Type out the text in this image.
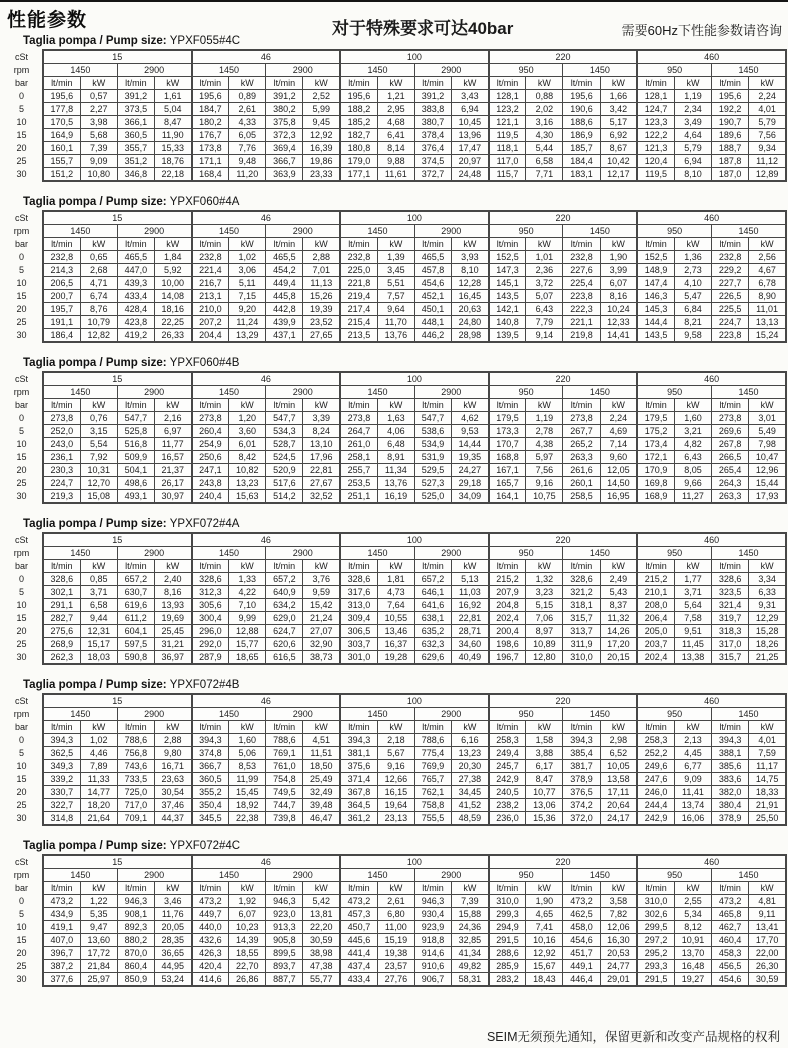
性能参数	对于特殊要求可达40bar	需要60Hz下性能参数请咨询
Taglia pompa / Pump size: YPXF055#4C
cSt	15				46				100				220				460			
rpm	1450		2900		1450		2900		1450		2900		950		1450		950		1450	
bar	lt/min	kW	lt/min	kW	lt/min	kW	lt/min	kW	lt/min	kW	lt/min	kW	lt/min	kW	lt/min	kW	lt/min	kW	lt/min	kW
0	195,6	0,57	391,2	1,61	195,6	0,89	391,2	2,52	195,6	1,21	391,2	3,43	128,1	0,88	195,6	1,66	128,1	1,19	195,6	2,24
5	177,8	2,27	373,5	5,04	184,7	2,61	380,2	5,99	188,2	2,95	383,8	6,94	123,2	2,02	190,6	3,42	124,7	2,34	192,2	4,01
10	170,5	3,98	366,1	8,47	180,2	4,33	375,8	9,45	185,2	4,68	380,7	10,45	121,1	3,16	188,6	5,17	123,3	3,49	190,7	5,79
15	164,9	5,68	360,5	11,90	176,7	6,05	372,3	12,92	182,7	6,41	378,4	13,96	119,5	4,30	186,9	6,92	122,2	4,64	189,6	7,56
20	160,1	7,39	355,7	15,33	173,8	7,76	369,4	16,39	180,8	8,14	376,4	17,47	118,1	5,44	185,7	8,67	121,3	5,79	188,7	9,34
25	155,7	9,09	351,2	18,76	171,1	9,48	366,7	19,86	179,0	9,88	374,5	20,97	117,0	6,58	184,4	10,42	120,4	6,94	187,8	11,12
30	151,2	10,80	346,8	22,18	168,4	11,20	363,9	23,33	177,1	11,61	372,7	24,48	115,7	7,71	183,1	12,17	119,5	8,10	187,0	12,89
Taglia pompa / Pump size: YPXF060#4A
cSt	15				46				100				220				460			
rpm	1450		2900		1450		2900		1450		2900		950		1450		950		1450	
bar	lt/min	kW	lt/min	kW	lt/min	kW	lt/min	kW	lt/min	kW	lt/min	kW	lt/min	kW	lt/min	kW	lt/min	kW	lt/min	kW
0	232,8	0,65	465,5	1,84	232,8	1,02	465,5	2,88	232,8	1,39	465,5	3,93	152,5	1,01	232,8	1,90	152,5	1,36	232,8	2,56
5	214,3	2,68	447,0	5,92	221,4	3,06	454,2	7,01	225,0	3,45	457,8	8,10	147,3	2,36	227,6	3,99	148,9	2,73	229,2	4,67
10	206,5	4,71	439,3	10,00	216,7	5,11	449,4	11,13	221,8	5,51	454,6	12,28	145,1	3,72	225,4	6,07	147,4	4,10	227,7	6,78
15	200,7	6,74	433,4	14,08	213,1	7,15	445,8	15,26	219,4	7,57	452,1	16,45	143,5	5,07	223,8	8,16	146,3	5,47	226,5	8,90
20	195,7	8,76	428,4	18,16	210,0	9,20	442,8	19,39	217,4	9,64	450,1	20,63	142,1	6,43	222,3	10,24	145,3	6,84	225,5	11,01
25	191,1	10,79	423,8	22,25	207,2	11,24	439,9	23,52	215,4	11,70	448,1	24,80	140,8	7,79	221,1	12,33	144,4	8,21	224,7	13,13
30	186,4	12,82	419,2	26,33	204,4	13,29	437,1	27,65	213,5	13,76	446,2	28,98	139,5	9,14	219,8	14,41	143,5	9,58	223,8	15,24
Taglia pompa / Pump size: YPXF060#4B
cSt	15				46				100				220				460			
rpm	1450		2900		1450		2900		1450		2900		950		1450		950		1450	
bar	lt/min	kW	lt/min	kW	lt/min	kW	lt/min	kW	lt/min	kW	lt/min	kW	lt/min	kW	lt/min	kW	lt/min	kW	lt/min	kW
0	273,8	0,76	547,7	2,16	273,8	1,20	547,7	3,39	273,8	1,63	547,7	4,62	179,5	1,19	273,8	2,24	179,5	1,60	273,8	3,01
5	252,0	3,15	525,8	6,97	260,4	3,60	534,3	8,24	264,7	4,06	538,6	9,53	173,3	2,78	267,7	4,69	175,2	3,21	269,6	5,49
10	243,0	5,54	516,8	11,77	254,9	6,01	528,7	13,10	261,0	6,48	534,9	14,44	170,7	4,38	265,2	7,14	173,4	4,82	267,8	7,98
15	236,1	7,92	509,9	16,57	250,6	8,42	524,5	17,96	258,1	8,91	531,9	19,35	168,8	5,97	263,3	9,60	172,1	6,43	266,5	10,47
20	230,3	10,31	504,1	21,37	247,1	10,82	520,9	22,81	255,7	11,34	529,5	24,27	167,1	7,56	261,6	12,05	170,9	8,05	265,4	12,96
25	224,7	12,70	498,6	26,17	243,8	13,23	517,6	27,67	253,5	13,76	527,3	29,18	165,7	9,16	260,1	14,50	169,8	9,66	264,3	15,44
30	219,3	15,08	493,1	30,97	240,4	15,63	514,2	32,52	251,1	16,19	525,0	34,09	164,1	10,75	258,5	16,95	168,9	11,27	263,3	17,93
Taglia pompa / Pump size: YPXF072#4A
cSt	15				46				100				220				460			
rpm	1450		2900		1450		2900		1450		2900		950		1450		950		1450	
bar	lt/min	kW	lt/min	kW	lt/min	kW	lt/min	kW	lt/min	kW	lt/min	kW	lt/min	kW	lt/min	kW	lt/min	kW	lt/min	kW
0	328,6	0,85	657,2	2,40	328,6	1,33	657,2	3,76	328,6	1,81	657,2	5,13	215,2	1,32	328,6	2,49	215,2	1,77	328,6	3,34
5	302,1	3,71	630,7	8,16	312,3	4,22	640,9	9,59	317,6	4,73	646,1	11,03	207,9	3,23	321,2	5,43	210,1	3,71	323,5	6,33
10	291,1	6,58	619,6	13,93	305,6	7,10	634,2	15,42	313,0	7,64	641,6	16,92	204,8	5,15	318,1	8,37	208,0	5,64	321,4	9,31
15	282,7	9,44	611,2	19,69	300,4	9,99	629,0	21,24	309,4	10,55	638,1	22,81	202,4	7,06	315,7	11,32	206,4	7,58	319,7	12,29
20	275,6	12,31	604,1	25,45	296,0	12,88	624,7	27,07	306,5	13,46	635,2	28,71	200,4	8,97	313,7	14,26	205,0	9,51	318,3	15,28
25	268,9	15,17	597,5	31,21	292,0	15,77	620,6	32,90	303,7	16,37	632,3	34,60	198,6	10,89	311,9	17,20	203,7	11,45	317,0	18,26
30	262,3	18,03	590,8	36,97	287,9	18,65	616,5	38,73	301,0	19,28	629,6	40,49	196,7	12,80	310,0	20,15	202,4	13,38	315,7	21,25
Taglia pompa / Pump size: YPXF072#4B
cSt	15				46				100				220				460			
rpm	1450		2900		1450		2900		1450		2900		950		1450		950		1450	
bar	lt/min	kW	lt/min	kW	lt/min	kW	lt/min	kW	lt/min	kW	lt/min	kW	lt/min	kW	lt/min	kW	lt/min	kW	lt/min	kW
0	394,3	1,02	788,6	2,88	394,3	1,60	788,6	4,51	394,3	2,18	788,6	6,16	258,3	1,58	394,3	2,98	258,3	2,13	394,3	4,01
5	362,5	4,46	756,8	9,80	374,8	5,06	769,1	11,51	381,1	5,67	775,4	13,23	249,4	3,88	385,4	6,52	252,2	4,45	388,1	7,59
10	349,3	7,89	743,6	16,71	366,7	8,53	761,0	18,50	375,6	9,16	769,9	20,30	245,7	6,17	381,7	10,05	249,6	6,77	385,6	11,17
15	339,2	11,33	733,5	23,63	360,5	11,99	754,8	25,49	371,4	12,66	765,7	27,38	242,9	8,47	378,9	13,58	247,6	9,09	383,6	14,75
20	330,7	14,77	725,0	30,54	355,2	15,45	749,5	32,49	367,8	16,15	762,1	34,45	240,5	10,77	376,5	17,11	246,0	11,41	382,0	18,33
25	322,7	18,20	717,0	37,46	350,4	18,92	744,7	39,48	364,5	19,64	758,8	41,52	238,2	13,06	374,2	20,64	244,4	13,74	380,4	21,91
30	314,8	21,64	709,1	44,37	345,5	22,38	739,8	46,47	361,2	23,13	755,5	48,59	236,0	15,36	372,0	24,17	242,9	16,06	378,9	25,50
Taglia pompa / Pump size: YPXF072#4C
cSt	15				46				100				220				460			
rpm	1450		2900		1450		2900		1450		2900		950		1450		950		1450	
bar	lt/min	kW	lt/min	kW	lt/min	kW	lt/min	kW	lt/min	kW	lt/min	kW	lt/min	kW	lt/min	kW	lt/min	kW	lt/min	kW
0	473,2	1,22	946,3	3,46	473,2	1,92	946,3	5,42	473,2	2,61	946,3	7,39	310,0	1,90	473,2	3,58	310,0	2,55	473,2	4,81
5	434,9	5,35	908,1	11,76	449,7	6,07	923,0	13,81	457,3	6,80	930,4	15,88	299,3	4,65	462,5	7,82	302,6	5,34	465,8	9,11
10	419,1	9,47	892,3	20,05	440,0	10,23	913,3	22,20	450,7	11,00	923,9	24,36	294,9	7,41	458,0	12,06	299,5	8,12	462,7	13,41
15	407,0	13,60	880,2	28,35	432,6	14,39	905,8	30,59	445,6	15,19	918,8	32,85	291,5	10,16	454,6	16,30	297,2	10,91	460,4	17,70
20	396,7	17,72	870,0	36,65	426,3	18,55	899,5	38,98	441,4	19,38	914,6	41,34	288,6	12,92	451,7	20,53	295,2	13,70	458,3	22,00
25	387,2	21,84	860,4	44,95	420,4	22,70	893,7	47,38	437,4	23,57	910,6	49,82	285,9	15,67	449,1	24,77	293,3	16,48	456,5	26,30
30	377,6	25,97	850,9	53,24	414,6	26,86	887,7	55,77	433,4	27,76	906,7	58,31	283,2	18,43	446,4	29,01	291,5	19,27	454,6	30,59
SEIM无须预先通知，保留更新和改变产品规格的权利
